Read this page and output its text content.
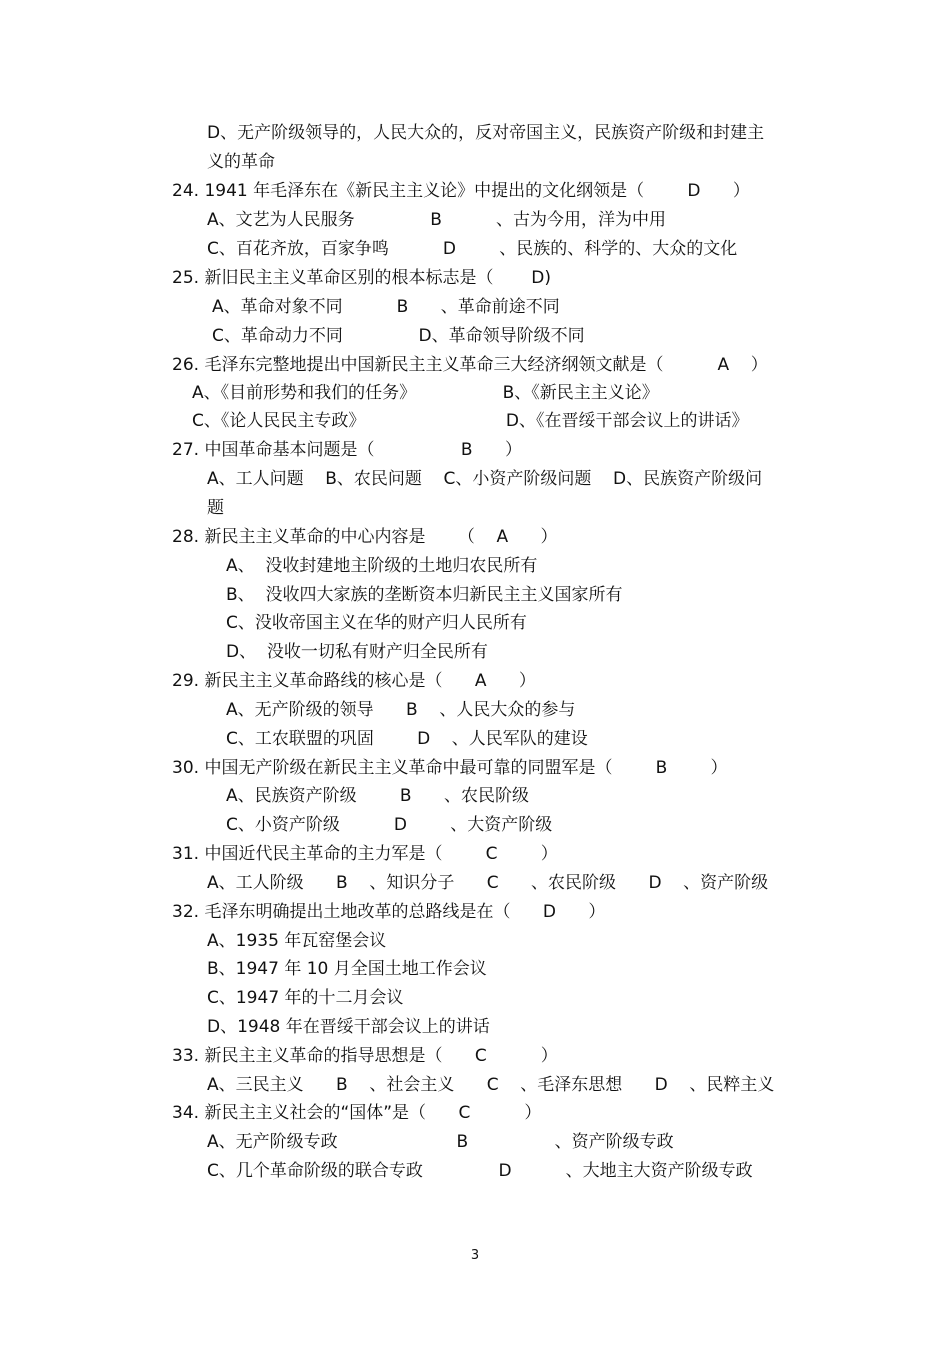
D、无产阶级领导的，人民大众的，反对帝国主义，民族资产阶级和封建主
义的革命
24. 1941 年毛泽东在《新民主主义论》中提出的文化纲领是（        D      ）
A、文艺为人民服务              B          、古为今用，洋为中用
C、百花齐放，百家争鸣          D        、民族的、科学的、大众的文化
25. 新旧民主主义革命区别的根本标志是（       D)
A、革命对象不同          B      、革命前途不同
C、革命动力不同              D、革命领导阶级不同
26. 毛泽东完整地提出中国新民主主义革命三大经济纲领文献是（          A    ）
A、《目前形势和我们的任务》                B、《新民主主义论》
C、《论人民民主专政》                          D、《在晋绥干部会议上的讲话》
27. 中国革命基本问题是（                B      ）
A、工人问题    B、农民问题    C、小资产阶级问题    D、民族资产阶级问
题
28. 新民主主义革命的中心内容是      （    A      ）
A、  没收封建地主阶级的土地归农民所有
B、  没收四大家族的垄断资本归新民主主义国家所有
C、没收帝国主义在华的财产归人民所有
D、  没收一切私有财产归全民所有
29. 新民主主义革命路线的核心是（      A      ）
A、无产阶级的领导      B    、人民大众的参与
C、工农联盟的巩固        D    、人民军队的建设
30. 中国无产阶级在新民主主义革命中最可靠的同盟军是（        B        ）
A、民族资产阶级        B      、农民阶级
C、小资产阶级          D        、大资产阶级
31. 中国近代民主革命的主力军是（        C        ）
A、工人阶级      B    、知识分子      C      、农民阶级      D    、资产阶级
32. 毛泽东明确提出土地改革的总路线是在（      D      ）
A、1935 年瓦窑堡会议
B、1947 年 10 月全国土地工作会议
C、1947 年的十二月会议
D、1948 年在晋绥干部会议上的讲话
33. 新民主主义革命的指导思想是（      C          ）
A、三民主义      B    、社会主义      C    、毛泽东思想      D    、民粹主义
34. 新民主主义社会的“国体”是（      C          ）
A、无产阶级专政                      B                、资产阶级专政
C、几个革命阶级的联合专政              D          、大地主大资产阶级专政
3
